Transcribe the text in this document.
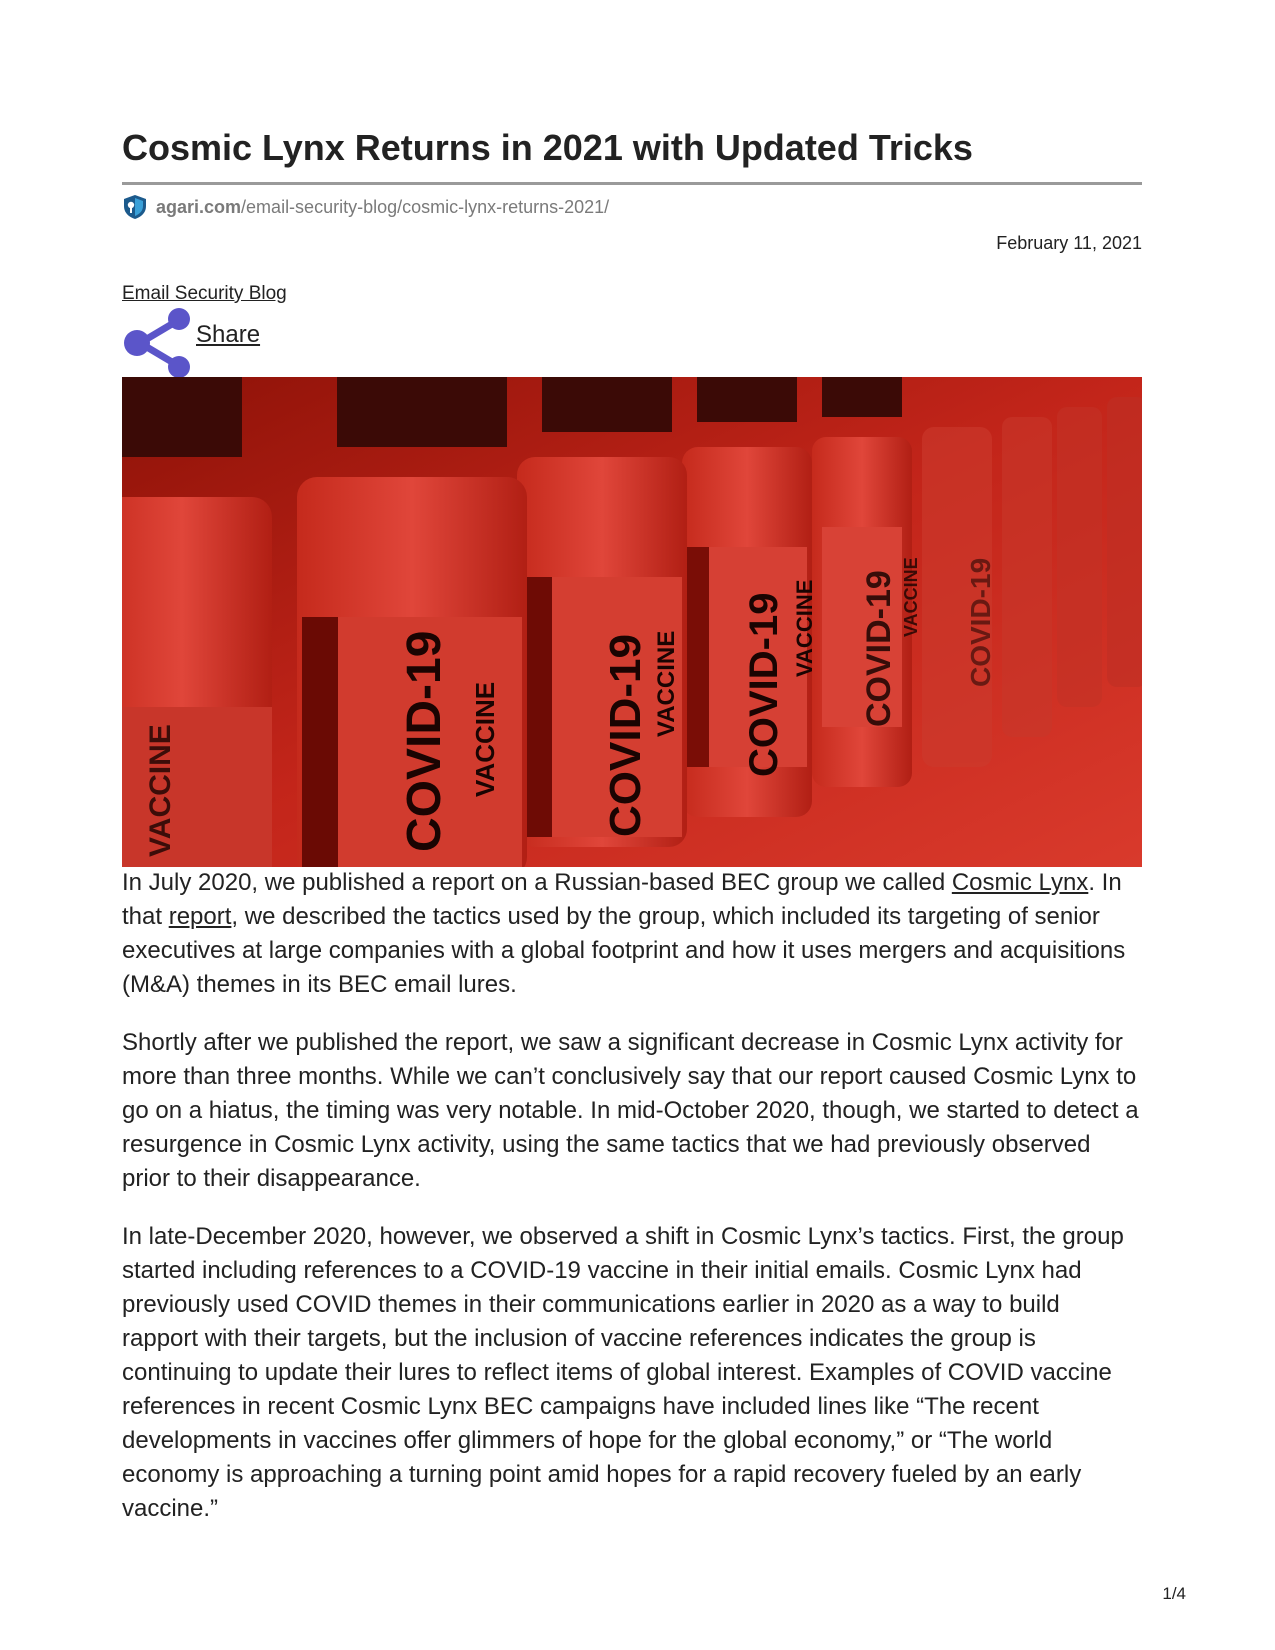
Cosmic Lynx Returns in 2021 with Updated Tricks
agari.com /email-security-blog/cosmic-lynx-returns-2021/
February 11, 2021
Email Security Blog
Share
COVID-19 VACCINE COVID-19 VACCINE COVID-19 VACCINE COVID-19 VACCINE COVID-19
VACCINE

In July 2020, we published a report on a Russian-based BEC group we called Cosmic Lynx. In that report, we described the tactics used by the group, which included its targeting of senior executives at large companies with a global footprint and how it uses mergers and acquisitions (M&A) themes in its BEC email lures.

Shortly after we published the report, we saw a significant decrease in Cosmic Lynx activity for more than three months. While we can’t conclusively say that our report caused Cosmic Lynx to go on a hiatus, the timing was very notable. In mid-October 2020, though, we started to detect a resurgence in Cosmic Lynx activity, using the same tactics that we had previously observed prior to their disappearance.

In late-December 2020, however, we observed a shift in Cosmic Lynx’s tactics. First, the group started including references to a COVID-19 vaccine in their initial emails. Cosmic Lynx had previously used COVID themes in their communications earlier in 2020 as a way to build rapport with their targets, but the inclusion of vaccine references indicates the group is continuing to update their lures to reflect items of global interest. Examples of COVID vaccine references in recent Cosmic Lynx BEC campaigns have included lines like “The recent developments in vaccines offer glimmers of hope for the global economy,” or “The world economy is approaching a turning point amid hopes for a rapid recovery fueled by an early vaccine.”

1/4
